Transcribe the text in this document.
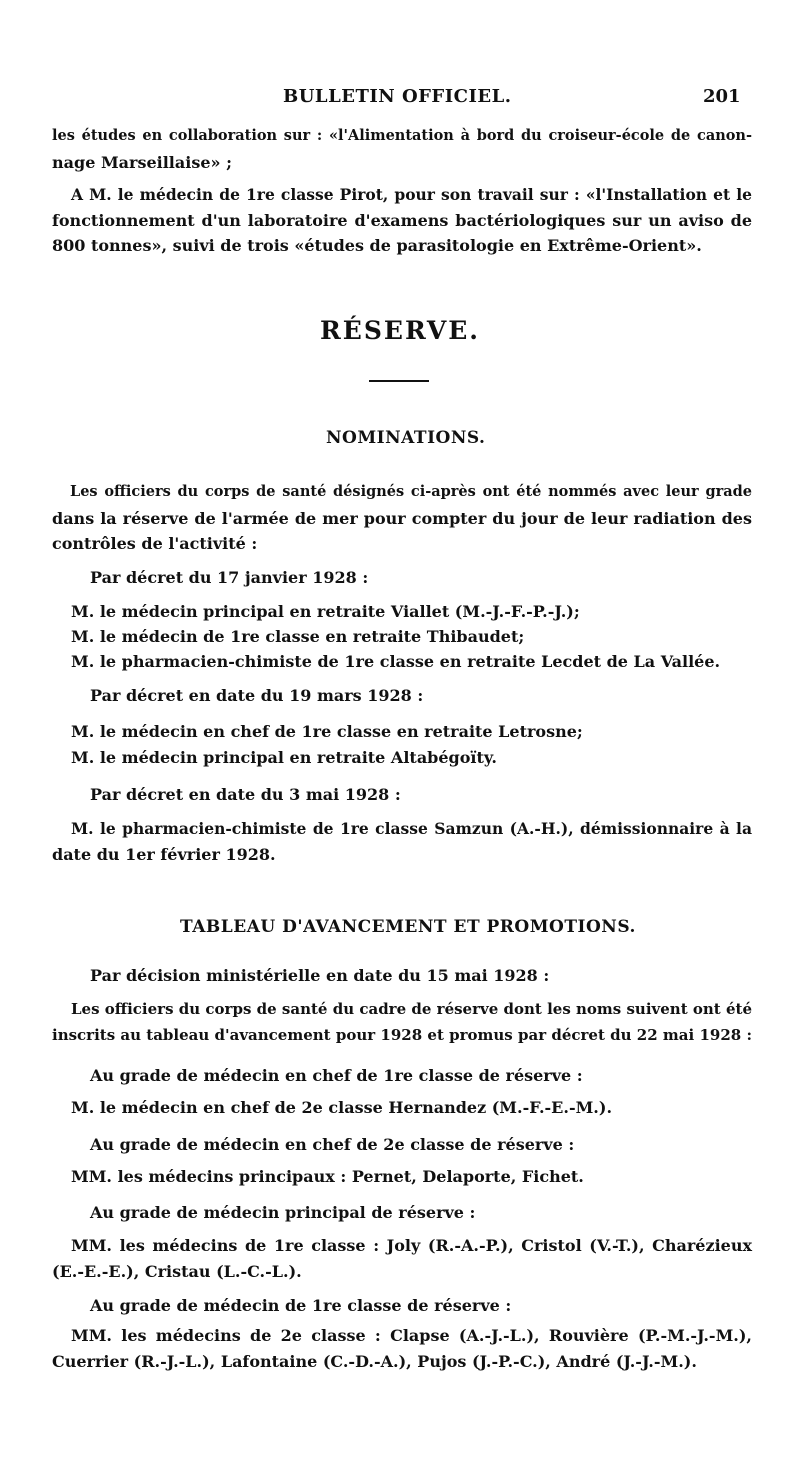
BULLETIN OFFICIEL.	201
les études en collaboration sur : «l'Alimentation à bord du croiseur-école de canon-
nage Marseillaise» ;
A M. le médecin de 1re classe Pirot, pour son travail sur : «l'Installation et le
fonctionnement d'un laboratoire d'examens bactériologiques sur un aviso de
800 tonnes», suivi de trois «études de parasitologie en Extrême-Orient».
RÉSERVE.
NOMINATIONS.
Les officiers du corps de santé désignés ci-après ont été nommés avec leur grade
dans la réserve de l'armée de mer pour compter du jour de leur radiation des
contrôles de l'activité :
Par décret du 17 janvier 1928 :
M. le médecin principal en retraite Viallet (M.-J.-F.-P.-J.);
M. le médecin de 1re classe en retraite Thibaudet;
M. le pharmacien-chimiste de 1re classe en retraite Lecdet de La Vallée.
Par décret en date du 19 mars 1928 :
M. le médecin en chef de 1re classe en retraite Letrosne;
M. le médecin principal en retraite Altabégoïty.
Par décret en date du 3 mai 1928 :
M. le pharmacien-chimiste de 1re classe Samzun (A.-H.), démissionnaire à la
date du 1er février 1928.
TABLEAU D'AVANCEMENT ET PROMOTIONS.
Par décision ministérielle en date du 15 mai 1928 :
Les officiers du corps de santé du cadre de réserve dont les noms suivent ont été
inscrits au tableau d'avancement pour 1928 et promus par décret du 22 mai 1928 :
Au grade de médecin en chef de 1re classe de réserve :
M. le médecin en chef de 2e classe Hernandez (M.-F.-E.-M.).
Au grade de médecin en chef de 2e classe de réserve :
MM. les médecins principaux : Pernet, Delaporte, Fichet.
Au grade de médecin principal de réserve :
MM. les médecins de 1re classe : Joly (R.-A.-P.), Cristol (V.-T.), Charézieux
(E.-E.-E.), Cristau (L.-C.-L.).
Au grade de médecin de 1re classe de réserve :
MM. les médecins de 2e classe : Clapse (A.-J.-L.), Rouvière (P.-M.-J.-M.),
Cuerrier (R.-J.-L.), Lafontaine (C.-D.-A.), Pujos (J.-P.-C.), André (J.-J.-M.).
